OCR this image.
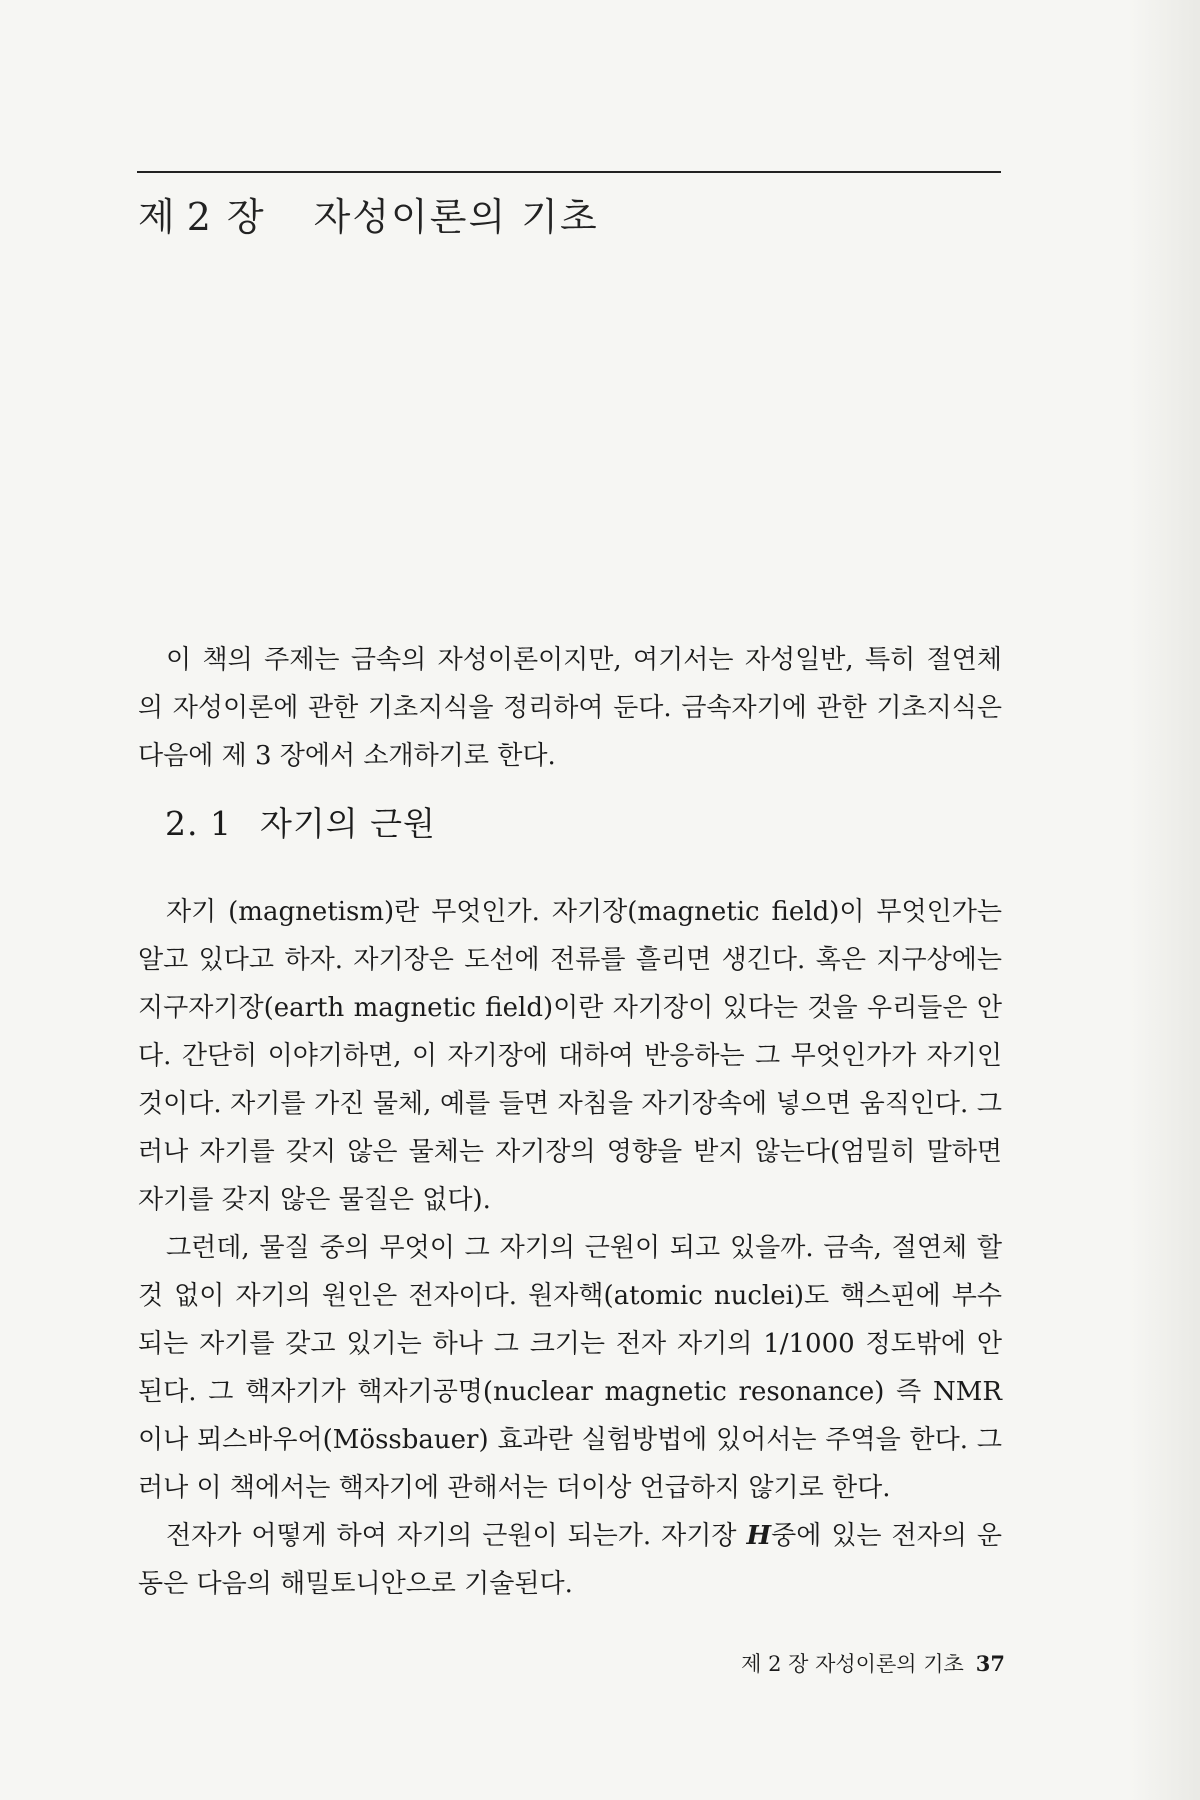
제 2 장 자성이론의 기초

이 책의 주제는 금속의 자성이론이지만, 여기서는 자성일반, 특히 절연체의 자성이론에 관한 기초지식을 정리하여 둔다. 금속자기에 관한 기초지식은 다음에 제 3 장에서 소개하기로 한다.

2. 1 자기의 근원

자기 (magnetism)란 무엇인가. 자기장(magnetic field)이 무엇인가는 알고 있다고 하자. 자기장은 도선에 전류를 흘리면 생긴다. 혹은 지구상에는 지구자기장(earth magnetic field)이란 자기장이 있다는 것을 우리들은 안다. 간단히 이야기하면, 이 자기장에 대하여 반응하는 그 무엇인가가 자기인 것이다. 자기를 가진 물체, 예를 들면 자침을 자기장속에 넣으면 움직인다. 그러나 자기를 갖지 않은 물체는 자기장의 영향을 받지 않는다(엄밀히 말하면 자기를 갖지 않은 물질은 없다).

그런데, 물질 중의 무엇이 그 자기의 근원이 되고 있을까. 금속, 절연체 할 것 없이 자기의 원인은 전자이다. 원자핵(atomic nuclei)도 핵스핀에 부수되는 자기를 갖고 있기는 하나 그 크기는 전자 자기의 1/1000 정도밖에 안 된다. 그 핵자기가 핵자기공명(nuclear magnetic resonance) 즉 NMR이나 뫼스바우어(Mössbauer) 효과란 실험방법에 있어서는 주역을 한다. 그러나 이 책에서는 핵자기에 관해서는 더이상 언급하지 않기로 한다.

전자가 어떻게 하여 자기의 근원이 되는가. 자기장 H중에 있는 전자의 운동은 다음의 해밀토니안으로 기술된다.

제 2 장 자성이론의 기초 37
